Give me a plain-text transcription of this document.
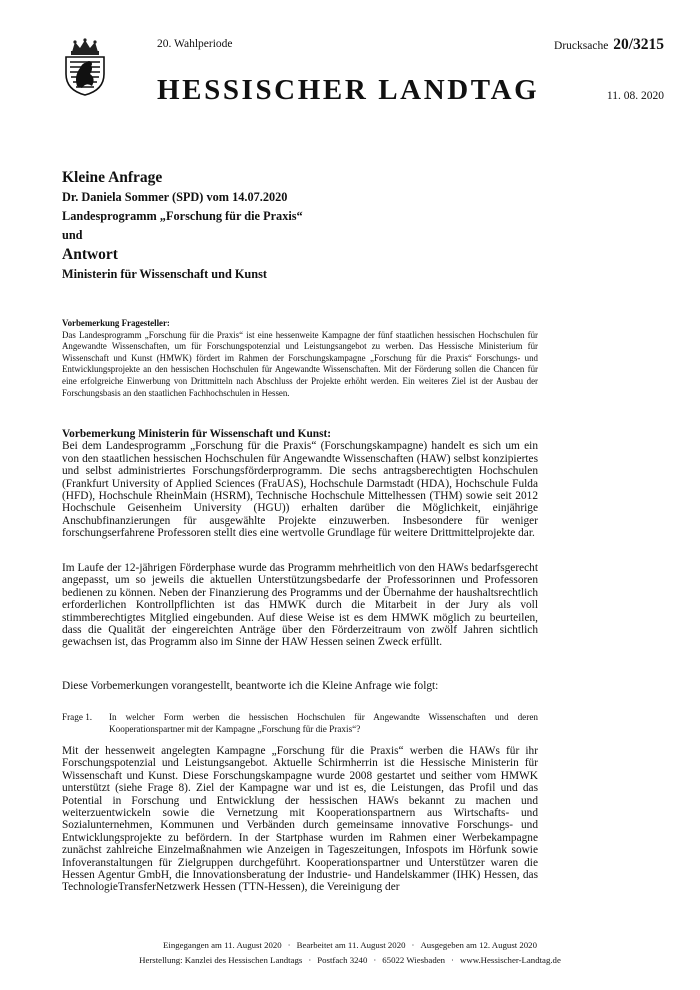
20. Wahlperiode
HESSISCHER LANDTAG
Drucksache 20/3215
11. 08. 2020
Kleine Anfrage
Dr. Daniela Sommer (SPD) vom 14.07.2020
Landesprogramm „Forschung für die Praxis“
und
Antwort
Ministerin für Wissenschaft und Kunst
Vorbemerkung Fragesteller:

Das Landesprogramm „Forschung für die Praxis“ ist eine hessenweite Kampagne der fünf staatlichen hessischen Hochschulen für Angewandte Wissenschaften, um für Forschungspotenzial und Leistungsangebot zu werben. Das Hessische Ministerium für Wissenschaft und Kunst (HMWK) fördert im Rahmen der Forschungskampagne „Forschung für die Praxis“ Forschungs- und Entwicklungsprojekte an den hessischen Hochschulen für Angewandte Wissenschaften. Mit der Förderung sollen die Chancen für eine erfolgreiche Einwerbung von Drittmitteln nach Abschluss der Projekte erhöht werden. Ein weiteres Ziel ist der Ausbau der Forschungsbasis an den staatlichen Fachhochschulen in Hessen.

Vorbemerkung Ministerin für Wissenschaft und Kunst:

Bei dem Landesprogramm „Forschung für die Praxis“ (Forschungskampagne) handelt es sich um ein von den staatlichen hessischen Hochschulen für Angewandte Wissenschaften (HAW) selbst konzipiertes und selbst administriertes Forschungsförderprogramm. Die sechs antragsberechtigten Hochschulen (Frankfurt University of Applied Sciences (FraUAS), Hochschule Darmstadt (HDA), Hochschule Fulda (HFD), Hochschule RheinMain (HSRM), Technische Hochschule Mittelhessen (THM) sowie seit 2012 Hochschule Geisenheim University (HGU)) erhalten darüber die Möglichkeit, einjährige Anschubfinanzierungen für ausgewählte Projekte einzuwerben. Insbesondere für weniger forschungserfahrene Professoren stellt dies eine wertvolle Grundlage für weitere Drittmittelprojekte dar.

Im Laufe der 12-jährigen Förderphase wurde das Programm mehrheitlich von den HAWs bedarfsgerecht angepasst, um so jeweils die aktuellen Unterstützungsbedarfe der Professorinnen und Professoren bedienen zu können. Neben der Finanzierung des Programms und der Übernahme der haushaltsrechtlich erforderlichen Kontrollpflichten ist das HMWK durch die Mitarbeit in der Jury als voll stimmberechtigtes Mitglied eingebunden. Auf diese Weise ist es dem HMWK möglich zu beurteilen, dass die Qualität der eingereichten Anträge über den Förderzeitraum von zwölf Jahren sichtlich gewachsen ist, das Programm also im Sinne der HAW Hessen seinen Zweck erfüllt.

Diese Vorbemerkungen vorangestellt, beantworte ich die Kleine Anfrage wie folgt:

Frage 1.	In welcher Form werben die hessischen Hochschulen für Angewandte Wissenschaften und deren Kooperationspartner mit der Kampagne „Forschung für die Praxis“?

Mit der hessenweit angelegten Kampagne „Forschung für die Praxis“ werben die HAWs für ihr Forschungspotenzial und Leistungsangebot. Aktuelle Schirmherrin ist die Hessische Ministerin für Wissenschaft und Kunst. Diese Forschungskampagne wurde 2008 gestartet und seither vom HMWK unterstützt (siehe Frage 8). Ziel der Kampagne war und ist es, die Leistungen, das Profil und das Potential in Forschung und Entwicklung der hessischen HAWs bekannt zu machen und weiterzuentwickeln sowie die Vernetzung mit Kooperationspartnern aus Wirtschafts- und Sozialunternehmen, Kommunen und Verbänden durch gemeinsame innovative Forschungs- und Entwicklungsprojekte zu befördern. In der Startphase wurden im Rahmen einer Werbekampagne zunächst zahlreiche Einzelmaßnahmen wie Anzeigen in Tageszeitungen, Infospots im Hörfunk sowie Infoveranstaltungen für Zielgruppen durchgeführt. Kooperationspartner und Unterstützer waren die Hessen Agentur GmbH, die Innovationsberatung der Industrie- und Handelskammer (IHK) Hessen, das TechnologieTransferNetzwerk Hessen (TTN-Hessen), die Vereinigung der

Eingegangen am 11. August 2020 · Bearbeitet am 11. August 2020 · Ausgegeben am 12. August 2020
Herstellung: Kanzlei des Hessischen Landtags · Postfach 3240 · 65022 Wiesbaden · www.Hessischer-Landtag.de
